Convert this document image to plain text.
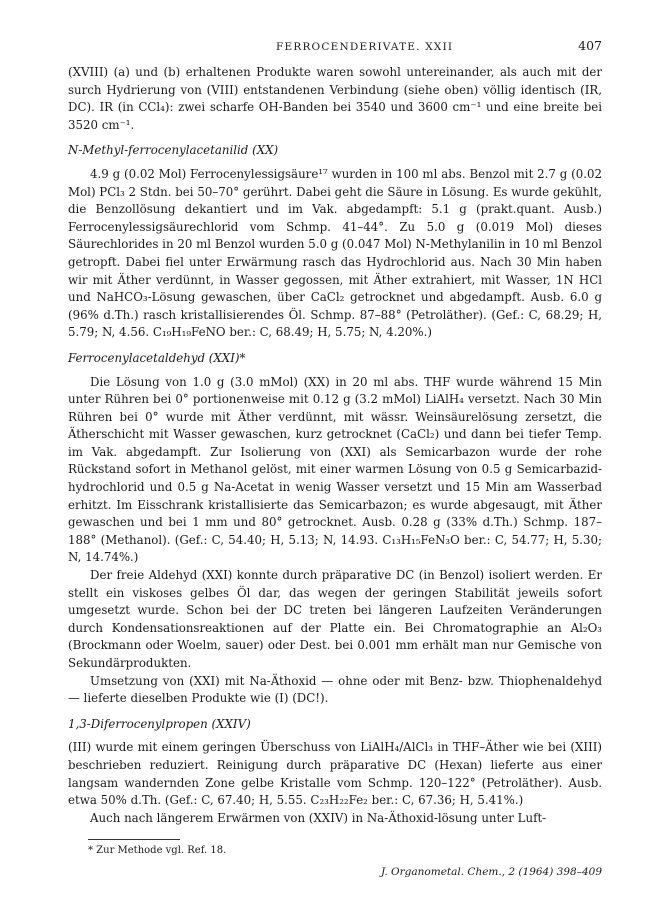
FERROCENDERIVATE. XXII	407

(XVIII) (a) und (b) erhaltenen Produkte waren sowohl untereinander, als auch mit der surch Hydrierung von (VIII) entstandenen Verbindung (siehe oben) völlig identisch (IR, DC). IR (in CCl₄): zwei scharfe OH-Banden bei 3540 und 3600 cm⁻¹ und eine breite bei 3520 cm⁻¹.

N-Methyl-ferrocenylacetanilid (XX)

4.9 g (0.02 Mol) Ferrocenylessigsäure¹⁷ wurden in 100 ml abs. Benzol mit 2.7 g (0.02 Mol) PCl₃ 2 Stdn. bei 50–70° gerührt. Dabei geht die Säure in Lösung. Es wurde gekühlt, die Benzollösung dekantiert und im Vak. abgedampft: 5.1 g (prakt.quant. Ausb.) Ferrocenylessigsäurechlorid vom Schmp. 41–44°. Zu 5.0 g (0.019 Mol) dieses Säurechlorides in 20 ml Benzol wurden 5.0 g (0.047 Mol) N-Methylanilin in 10 ml Benzol getropft. Dabei fiel unter Erwärmung rasch das Hydrochlorid aus. Nach 30 Min haben wir mit Äther verdünnt, in Wasser gegossen, mit Äther extrahiert, mit Wasser, 1N HCl und NaHCO₃-Lösung gewaschen, über CaCl₂ getrocknet und abgedampft. Ausb. 6.0 g (96% d.Th.) rasch kristallisierendes Öl. Schmp. 87–88° (Petroläther). (Gef.: C, 68.29; H, 5.79; N, 4.56. C₁₉H₁₉FeNO ber.: C, 68.49; H, 5.75; N, 4.20%.)

Ferrocenylacetaldehyd (XXI)*

Die Lösung von 1.0 g (3.0 mMol) (XX) in 20 ml abs. THF wurde während 15 Min unter Rühren bei 0° portionenweise mit 0.12 g (3.2 mMol) LiAlH₄ versetzt. Nach 30 Min Rühren bei 0° wurde mit Äther verdünnt, mit wässr. Weinsäurelösung zersetzt, die Ätherschicht mit Wasser gewaschen, kurz getrocknet (CaCl₂) und dann bei tiefer Temp. im Vak. abgedampft. Zur Isolierung von (XXI) als Semicarbazon wurde der rohe Rückstand sofort in Methanol gelöst, mit einer warmen Lösung von 0.5 g Semicarbazid-hydrochlorid und 0.5 g Na-Acetat in wenig Wasser versetzt und 15 Min am Wasserbad erhitzt. Im Eisschrank kristallisierte das Semicarbazon; es wurde abgesaugt, mit Äther gewaschen und bei 1 mm und 80° getrocknet. Ausb. 0.28 g (33% d.Th.) Schmp. 187–188° (Methanol). (Gef.: C, 54.40; H, 5.13; N, 14.93. C₁₃H₁₅FeN₃O ber.: C, 54.77; H, 5.30; N, 14.74%.)

Der freie Aldehyd (XXI) konnte durch präparative DC (in Benzol) isoliert werden. Er stellt ein viskoses gelbes Öl dar, das wegen der geringen Stabilität jeweils sofort umgesetzt wurde. Schon bei der DC treten bei längeren Laufzeiten Veränderungen durch Kondensationsreaktionen auf der Platte ein. Bei Chromatographie an Al₂O₃ (Brockmann oder Woelm, sauer) oder Dest. bei 0.001 mm erhält man nur Gemische von Sekundärprodukten.

Umsetzung von (XXI) mit Na-Äthoxid — ohne oder mit Benz- bzw. Thiophenaldehyd — lieferte dieselben Produkte wie (I) (DC!).

1,3-Diferrocenylpropen (XXIV)

(III) wurde mit einem geringen Überschuss von LiAlH₄/AlCl₃ in THF–Äther wie bei (XIII) beschrieben reduziert. Reinigung durch präparative DC (Hexan) lieferte aus einer langsam wandernden Zone gelbe Kristalle vom Schmp. 120–122° (Petroläther). Ausb. etwa 50% d.Th. (Gef.: C, 67.40; H, 5.55. C₂₃H₂₂Fe₂ ber.: C, 67.36; H, 5.41%.)

Auch nach längerem Erwärmen von (XXIV) in Na-Äthoxid-lösung unter Luft-

* Zur Methode vgl. Ref. 18.
J. Organometal. Chem., 2 (1964) 398–409
